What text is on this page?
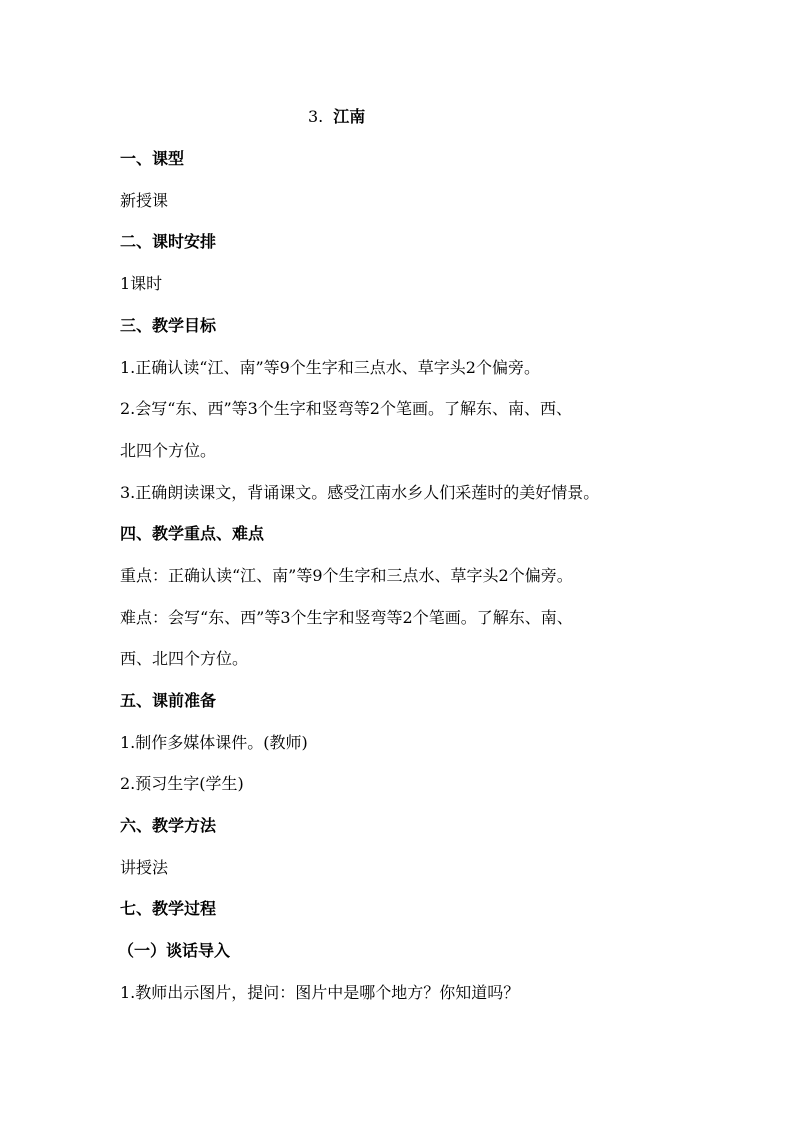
3. 江南
一、课型
新授课
二、课时安排
1课时
三、教学目标
1.正确认读“江、南”等9个生字和三点水、草字头2个偏旁。
2.会写“东、西”等3个生字和竖弯等2个笔画。了解东、南、西、
北四个方位。
3.正确朗读课文，背诵课文。感受江南水乡人们采莲时的美好情景。
四、教学重点、难点
重点：正确认读“江、南”等9个生字和三点水、草字头2个偏旁。
难点：会写“东、西”等3个生字和竖弯等2个笔画。了解东、南、
西、北四个方位。
五、课前准备
1.制作多媒体课件。(教师)
2.预习生字(学生)
六、教学方法
讲授法
七、教学过程
（一）谈话导入
1.教师出示图片，提问：图片中是哪个地方？你知道吗？
